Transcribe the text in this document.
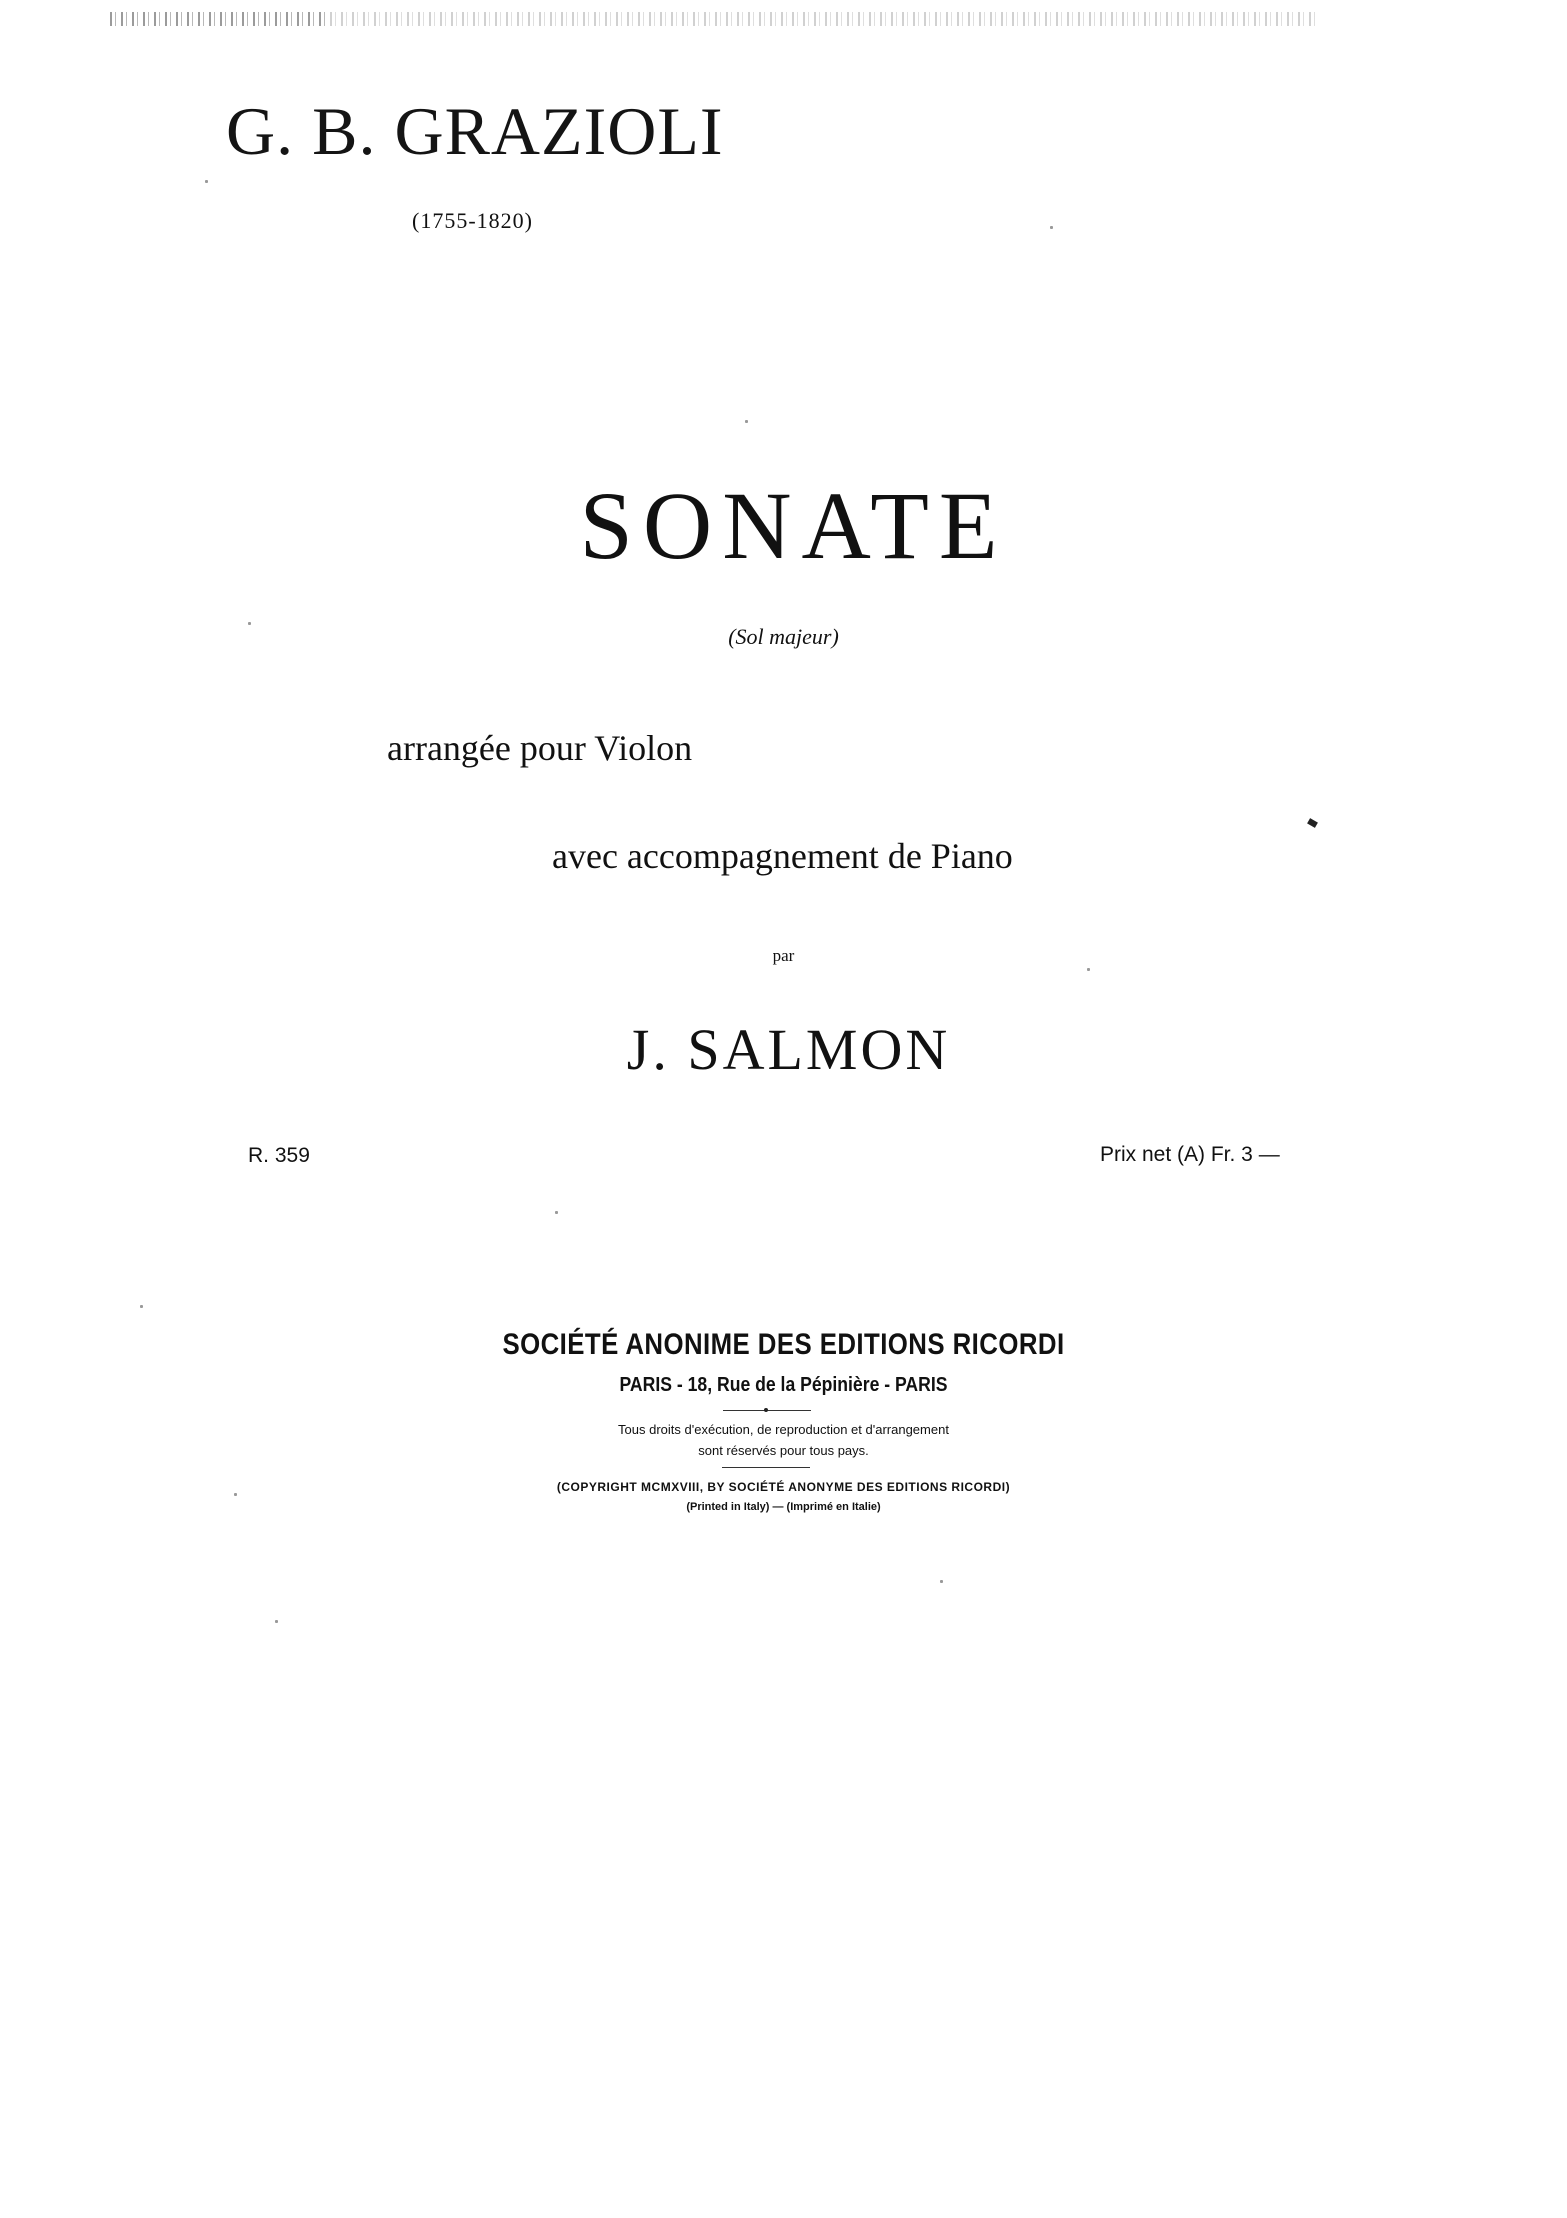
G. B. GRAZIOLI
(1755-1820)
SONATE
(Sol majeur)
arrangée pour Violon
avec accompagnement de Piano
par
J. SALMON
R. 359	Prix net (A) Fr. 3 —
SOCIÉTÉ ANONIME DES EDITIONS RICORDI
PARIS - 18, Rue de la Pépinière - PARIS
Tous droits d'exécution, de reproduction et d'arrangement
sont réservés pour tous pays.
(COPYRIGHT MCMXVIII, BY SOCIÉTÉ ANONYME DES EDITIONS RICORDI)
(Printed in Italy) — (Imprimé en Italie)
